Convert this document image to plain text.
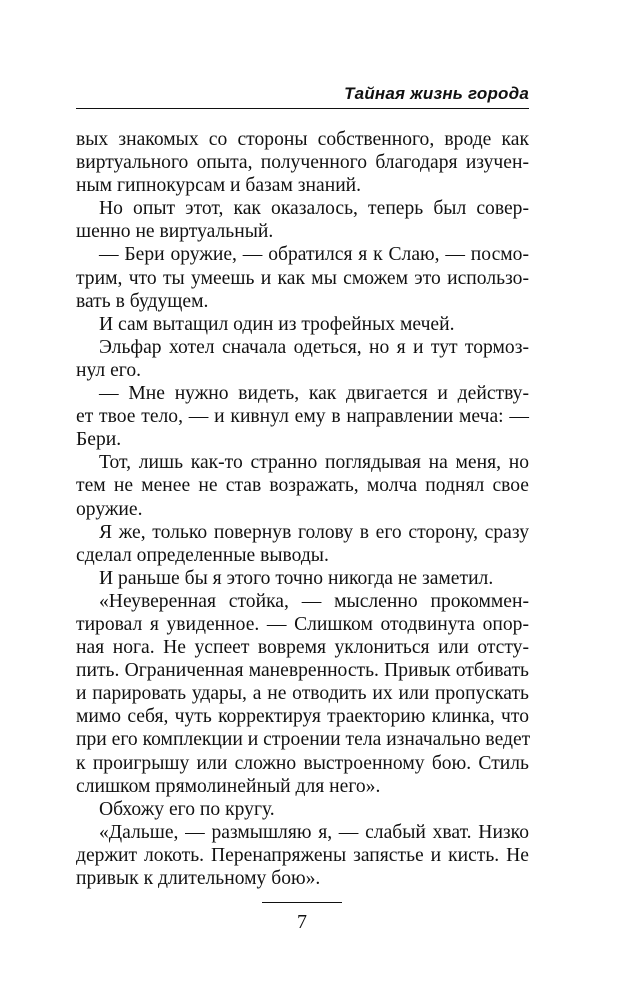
Тайная жизнь города
вых знакомых со стороны собственного, вроде как
виртуального опыта, полученного благодаря изучен-
ным гипнокурсам и базам знаний.
Но опыт этот, как оказалось, теперь был совер-
шенно не виртуальный.
— Бери оружие, — обратился я к Слаю, — посмо-
трим, что ты умеешь и как мы сможем это использо-
вать в будущем.
И сам вытащил один из трофейных мечей.
Эльфар хотел сначала одеться, но я и тут тормоз-
нул его.
— Мне нужно видеть, как двигается и действу-
ет твое тело, — и кивнул ему в направлении меча: —
Бери.
Тот, лишь как-то странно поглядывая на меня, но
тем не менее не став возражать, молча поднял свое
оружие.
Я же, только повернув голову в его сторону, сразу
сделал определенные выводы.
И раньше бы я этого точно никогда не заметил.
«Неуверенная стойка, — мысленно прокоммен-
тировал я увиденное. — Слишком отодвинута опор-
ная нога. Не успеет вовремя уклониться или отсту-
пить. Ограниченная маневренность. Привык отбивать
и парировать удары, а не отводить их или пропускать
мимо себя, чуть корректируя траекторию клинка, что
при его комплекции и строении тела изначально ведет
к проигрышу или сложно выстроенному бою. Стиль
слишком прямолинейный для него».
Обхожу его по кругу.
«Дальше, — размышляю я, — слабый хват. Низко
держит локоть. Перенапряжены запястье и кисть. Не
привык к длительному бою».
7
